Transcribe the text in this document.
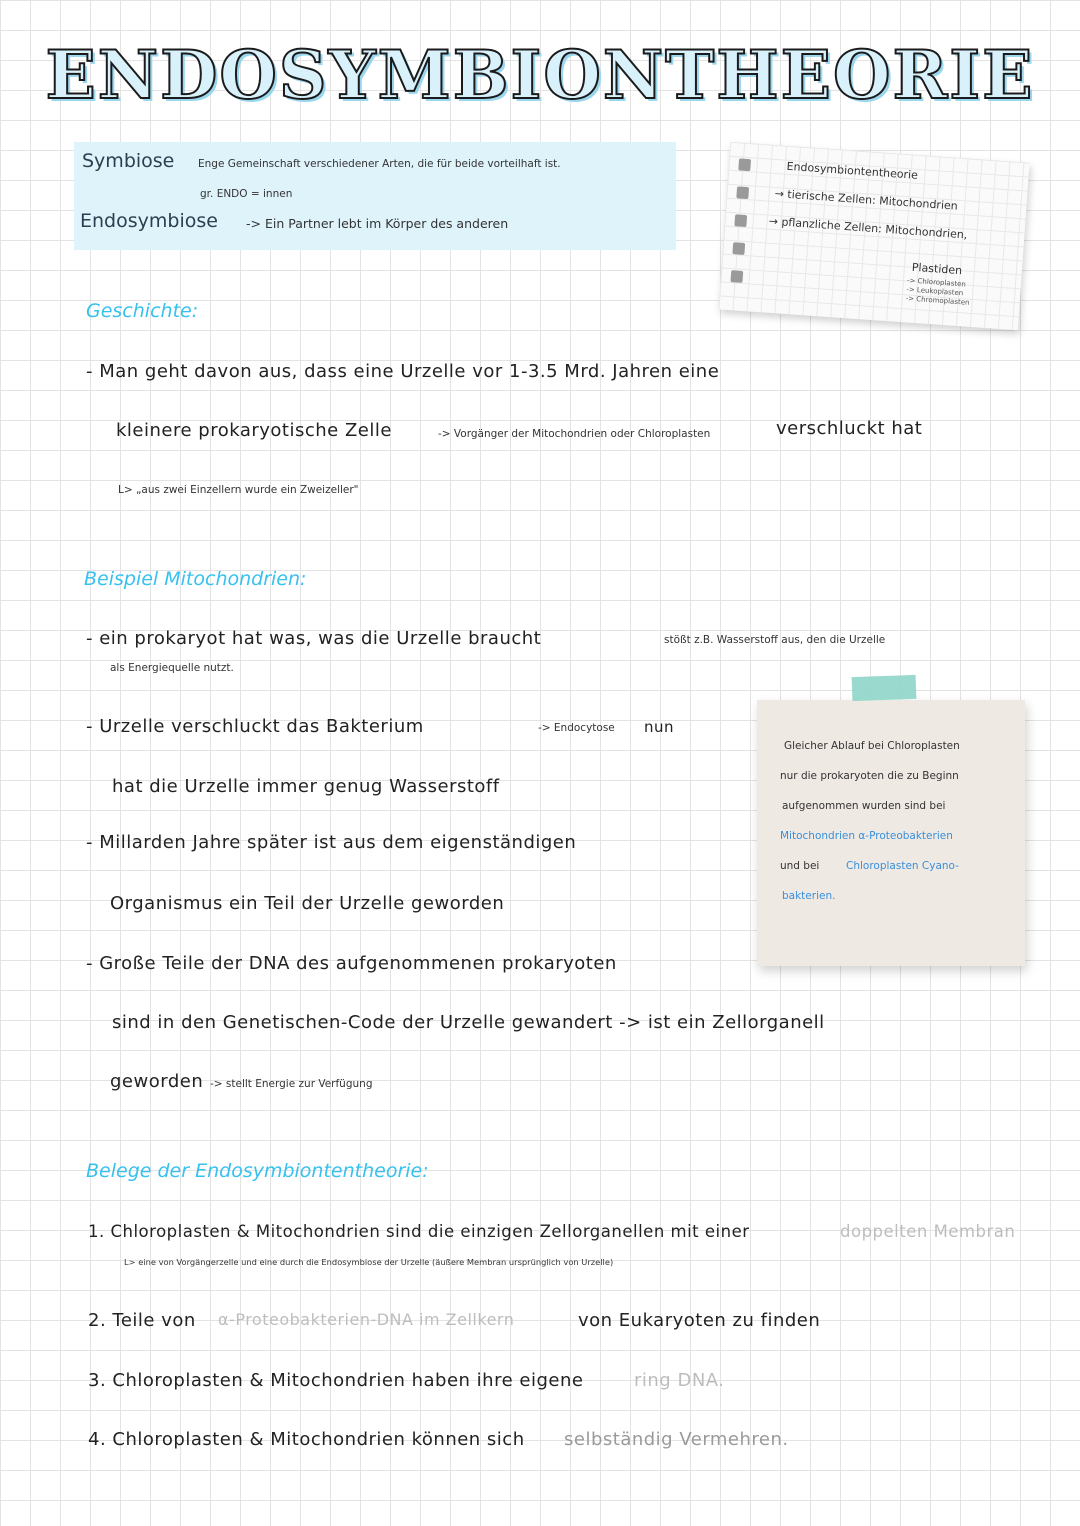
ENDOSYMBIONTHEORIE
Symbiose Enge Gemeinschaft verschiedener Arten, die für beide vorteilhaft ist.
gr. ENDO = innen
Endosymbiose -> Ein Partner lebt im Körper des anderen
Endosymbiontentheorie
→ tierische Zellen: Mitochondrien
→ pflanzliche Zellen: Mitochondrien,
Plastiden
-> Chloroplasten
-> Leukoplasten
-> Chromoplasten
Geschichte:
- Man geht davon aus, dass eine Urzelle vor 1-3.5 Mrd. Jahren eine
kleinere prokaryotische Zelle	-> Vorgänger der Mitochondrien oder Chloroplasten	verschluckt hat
L> „aus zwei Einzellern wurde ein Zweizeller"
Beispiel Mitochondrien:
- ein prokaryot hat was, was die Urzelle braucht	stößt z.B. Wasserstoff aus, den die Urzelle
als Energiequelle nutzt.
- Urzelle verschluckt das Bakterium	-> Endocytose nun
hat die Urzelle immer genug Wasserstoff
- Millarden Jahre später ist aus dem eigenständigen
Organismus ein Teil der Urzelle geworden
- Große Teile der DNA des aufgenommenen prokaryoten
sind in den Genetischen-Code der Urzelle gewandert -> ist ein Zellorganell
geworden -> stellt Energie zur Verfügung
Gleicher Ablauf bei Chloroplasten
nur die prokaryoten die zu Beginn
aufgenommen wurden sind bei
Mitochondrien α-Proteobakterien
und bei	Chloroplasten Cyano-
bakterien.
Belege der Endosymbiontentheorie:
1. Chloroplasten & Mitochondrien sind die einzigen Zellorganellen mit einer	doppelten Membran
L> eine von Vorgängerzelle und eine durch die Endosymbiose der Urzelle (äußere Membran ursprünglich von Urzelle)
2. Teile von α-Proteobakterien-DNA im Zellkern	von Eukaryoten zu finden
3. Chloroplasten & Mitochondrien haben ihre eigene	ring DNA.
4. Chloroplasten & Mitochondrien können sich selbständig Vermehren.
